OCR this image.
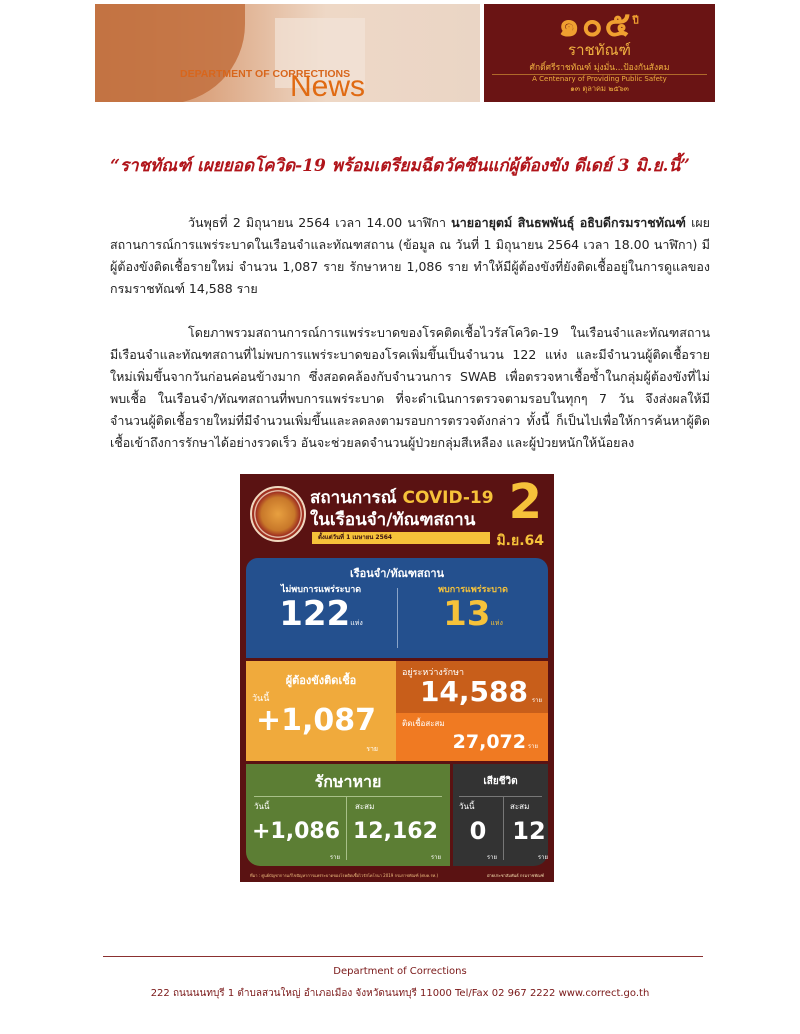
DEPARTMENT OF CORRECTIONS
News
๑๐๕$^{ปี}$
ราชทัณฑ์
ศักดิ์ศรีราชทัณฑ์ มุ่งมั่น...ป้องกันสังคม
A Centenary of Providing Public Safety
๑๓ ตุลาคม ๒๕๖๓
“ราชทัณฑ์ เผยยอดโควิด-19 พร้อมเตรียมฉีดวัคซีนแก่ผู้ต้องขัง ดีเดย์ 3 มิ.ย.นี้”
วันพุธที่ 2 มิถุนายน 2564 เวลา 14.00 นาฬิกา นายอายุตม์ สินธพพันธุ์ อธิบดีกรมราชทัณฑ์ เผยสถานการณ์การแพร่ระบาดในเรือนจำและทัณฑสถาน (ข้อมูล ณ วันที่ 1 มิถุนายน 2564 เวลา 18.00 นาฬิกา) มีผู้ต้องขังติดเชื้อรายใหม่ จำนวน 1,087 ราย รักษาหาย 1,086 ราย ทำให้มีผู้ต้องขังที่ยังติดเชื้ออยู่ในการดูแลของกรมราชทัณฑ์ 14,588 ราย
โดยภาพรวมสถานการณ์การแพร่ระบาดของโรคติดเชื้อไวรัสโควิด-19 ในเรือนจำและทัณฑสถาน มีเรือนจำและทัณฑสถานที่ไม่พบการแพร่ระบาดของโรคเพิ่มขึ้นเป็นจำนวน 122 แห่ง และมีจำนวนผู้ติดเชื้อรายใหม่เพิ่มขึ้นจากวันก่อนค่อนข้างมาก ซึ่งสอดคล้องกับจำนวนการ SWAB เพื่อตรวจหาเชื้อซ้ำในกลุ่มผู้ต้องขังที่ไม่พบเชื้อ ในเรือนจำ/ทัณฑสถานที่พบการแพร่ระบาด ที่จะดำเนินการตรวจตามรอบในทุกๆ 7 วัน จึงส่งผลให้มีจำนวนผู้ติดเชื้อรายใหม่ที่มีจำนวนเพิ่มขึ้นและลดลงตามรอบการตรวจดังกล่าว ทั้งนี้ ก็เป็นไปเพื่อให้การค้นหาผู้ติดเชื้อเข้าถึงการรักษาได้อย่างรวดเร็ว อันจะช่วยลดจำนวนผู้ป่วยกลุ่มสีเหลือง และผู้ป่วยหนักให้น้อยลง
สถานการณ์ COVID-19
ในเรือนจำ/ทัณฑสถาน
ตั้งแต่วันที่ 1 เมษายน 2564
2
มิ.ย.64
เรือนจำ/ทัณฑสถาน
ไม่พบการแพร่ระบาด
122แห่ง
พบการแพร่ระบาด
13แห่ง
ผู้ต้องขังติดเชื้อ
วันนี้
+1,087
ราย
อยู่ระหว่างรักษา
14,588 ราย
ติดเชื้อสะสม
27,072 ราย
รักษาหาย
วันนี้
+1,086
ราย
สะสม
12,162
ราย
เสียชีวิต
วันนี้
0
ราย
สะสม
12
ราย
ที่มา : ศูนย์บัญชาการแก้ไขปัญหาการแพร่ระบาดของโรคติดเชื้อไวรัสโคโรนา 2019 กรมราชทัณฑ์ (ศบค.รท.)	ฝ่ายประชาสัมพันธ์ กรมราชทัณฑ์
Department of Corrections
222 ถนนนนทบุรี 1 ตำบลสวนใหญ่ อำเภอเมือง จังหวัดนนทบุรี 11000 Tel/Fax 02 967 2222 www.correct.go.th
